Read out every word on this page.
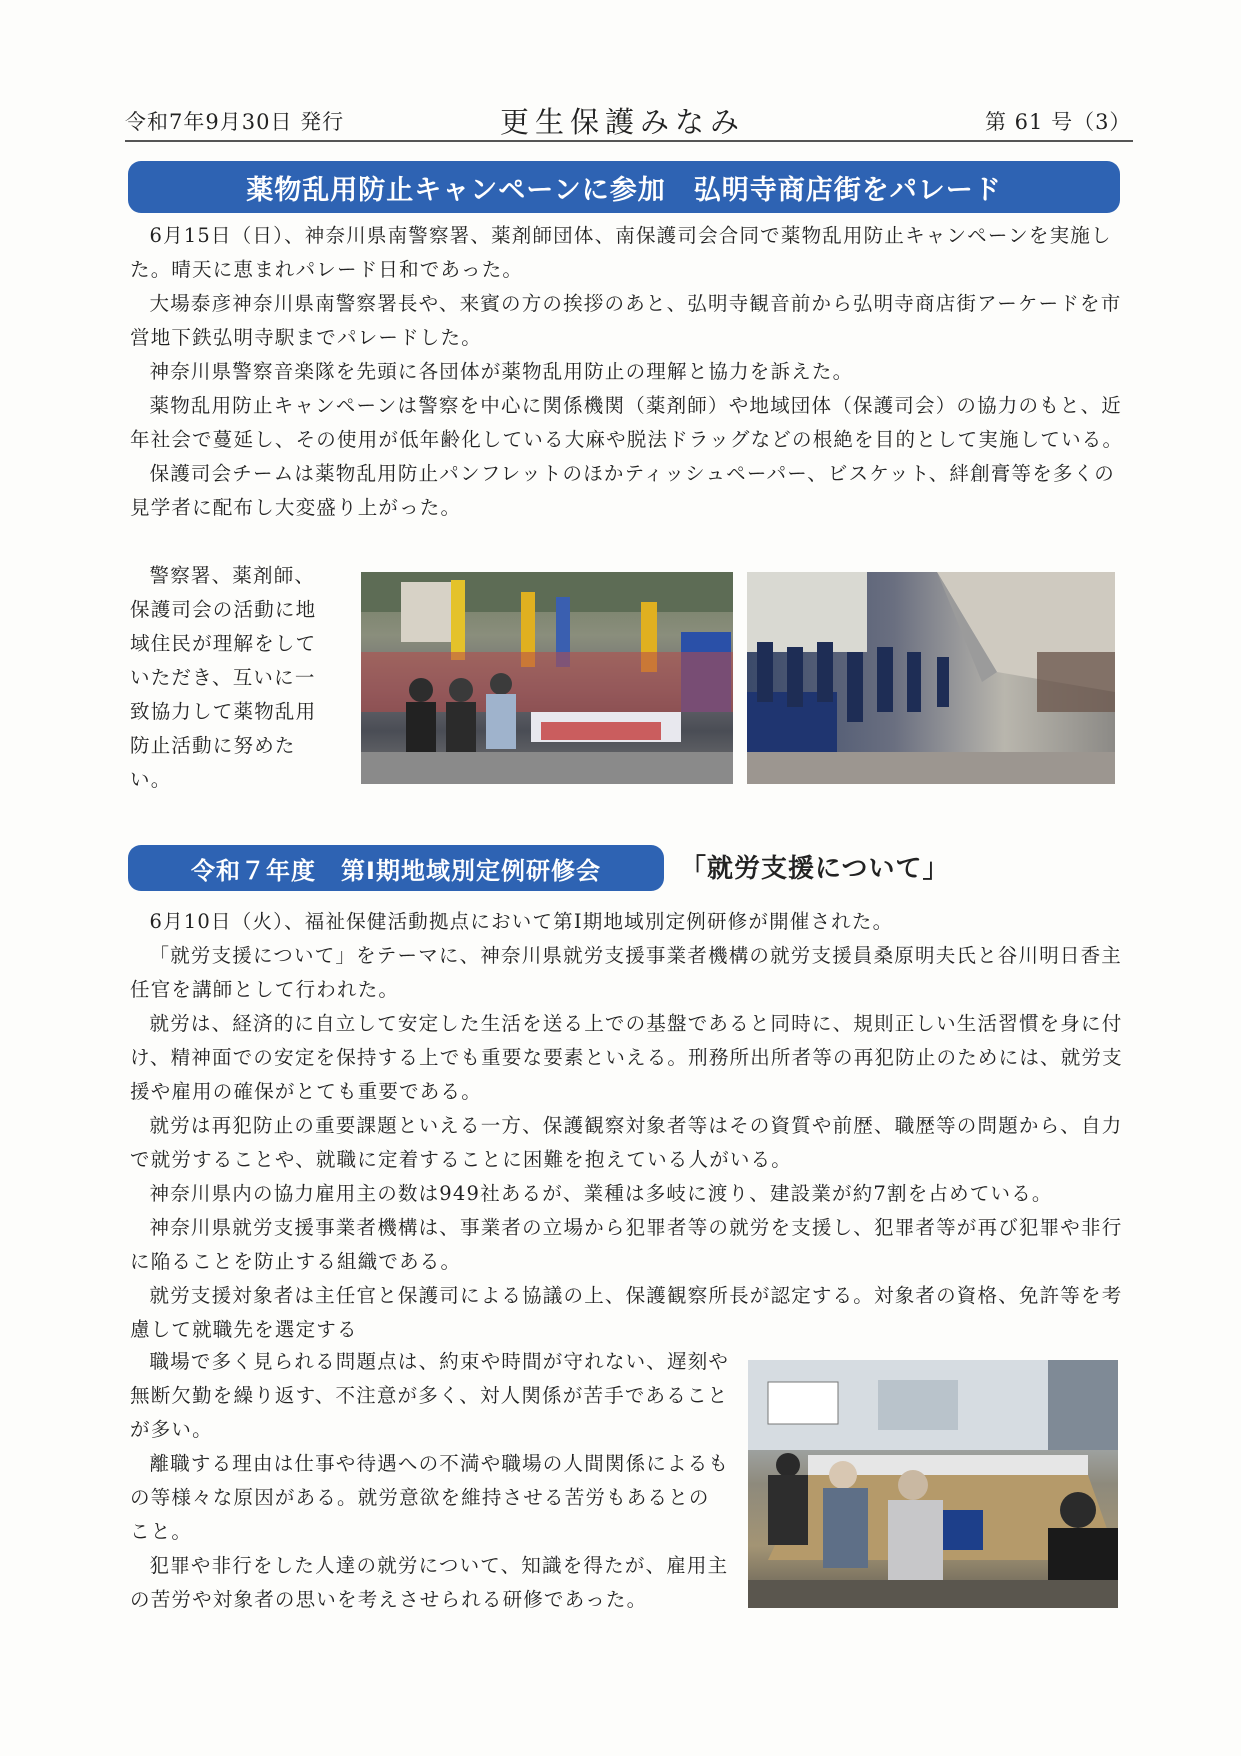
令和7年9月30日 発行	更生保護みなみ	第 61 号（3）
薬物乱用防止キャンペーンに参加　弘明寺商店街をパレード

6月15日（日）、神奈川県南警察署、薬剤師団体、南保護司会合同で薬物乱用防止キャンペーンを実施した。晴天に恵まれパレード日和であった。

大場泰彦神奈川県南警察署長や、来賓の方の挨拶のあと、弘明寺観音前から弘明寺商店街アーケードを市営地下鉄弘明寺駅までパレードした。

神奈川県警察音楽隊を先頭に各団体が薬物乱用防止の理解と協力を訴えた。

薬物乱用防止キャンペーンは警察を中心に関係機関（薬剤師）や地域団体（保護司会）の協力のもと、近年社会で蔓延し、その使用が低年齢化している大麻や脱法ドラッグなどの根絶を目的として実施している。

保護司会チームは薬物乱用防止パンフレットのほかティッシュペーパー、ビスケット、絆創膏等を多くの見学者に配布し大変盛り上がった。

警察署、薬剤師、保護司会の活動に地域住民が理解をしていただき、互いに一致協力して薬物乱用防止活動に努めたい。

令和７年度　第Ⅰ期地域別定例研修会	「就労支援について」

6月10日（火）、福祉保健活動拠点において第Ⅰ期地域別定例研修が開催された。

「就労支援について」をテーマに、神奈川県就労支援事業者機構の就労支援員桑原明夫氏と谷川明日香主任官を講師として行われた。

就労は、経済的に自立して安定した生活を送る上での基盤であると同時に、規則正しい生活習慣を身に付け、精神面での安定を保持する上でも重要な要素といえる。刑務所出所者等の再犯防止のためには、就労支援や雇用の確保がとても重要である。

就労は再犯防止の重要課題といえる一方、保護観察対象者等はその資質や前歴、職歴等の問題から、自力で就労することや、就職に定着することに困難を抱えている人がいる。

神奈川県内の協力雇用主の数は949社あるが、業種は多岐に渡り、建設業が約7割を占めている。

神奈川県就労支援事業者機構は、事業者の立場から犯罪者等の就労を支援し、犯罪者等が再び犯罪や非行に陥ることを防止する組織である。

就労支援対象者は主任官と保護司による協議の上、保護観察所長が認定する。対象者の資格、免許等を考慮して就職先を選定する

職場で多く見られる問題点は、約束や時間が守れない、遅刻や無断欠勤を繰り返す、不注意が多く、対人関係が苦手であることが多い。

離職する理由は仕事や待遇への不満や職場の人間関係によるもの等様々な原因がある。就労意欲を維持させる苦労もあるとのこと。

犯罪や非行をした人達の就労について、知識を得たが、雇用主の苦労や対象者の思いを考えさせられる研修であった。
